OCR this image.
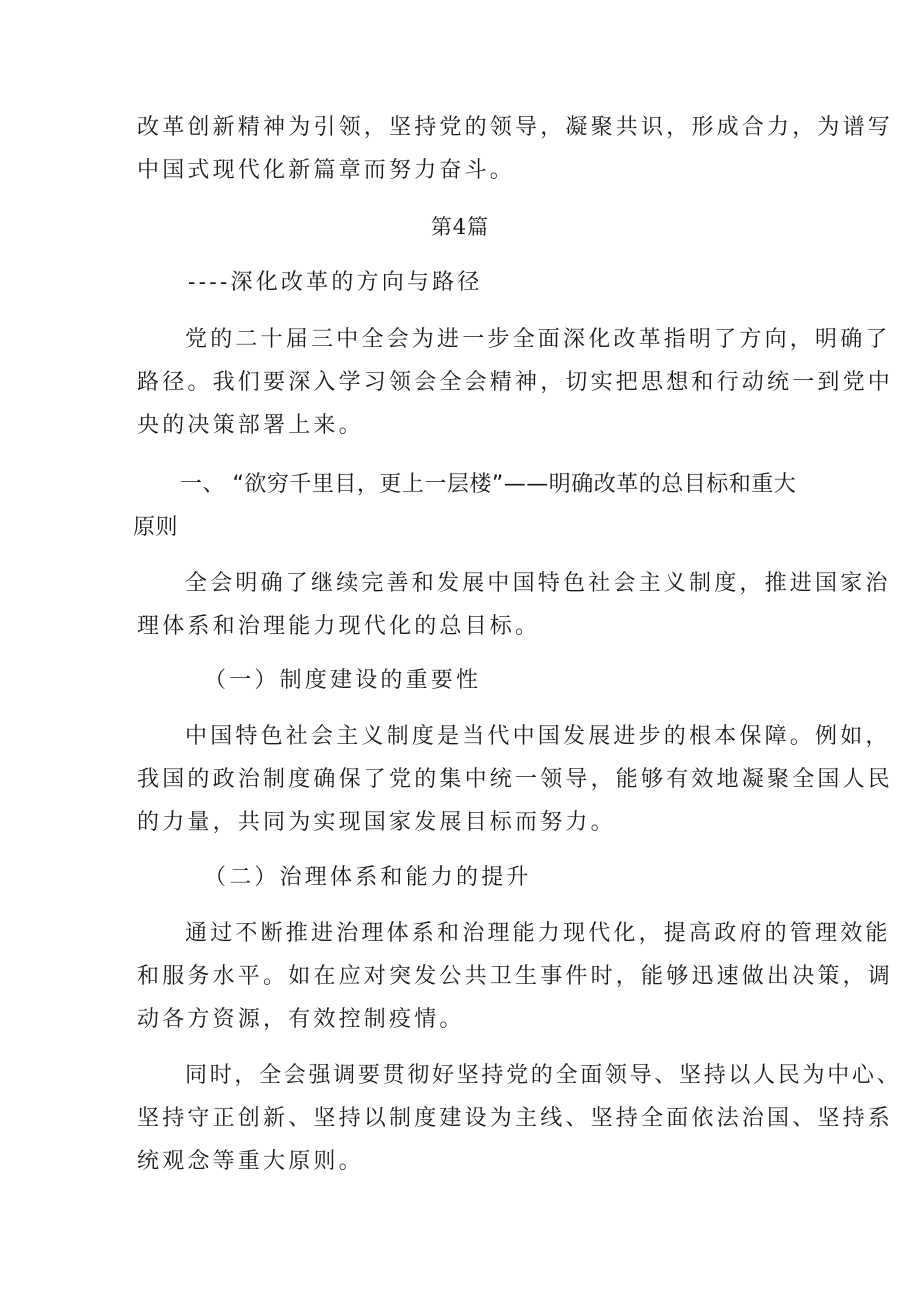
改革创新精神为引领，坚持党的领导，凝聚共识，形成合力，为谱写
中国式现代化新篇章而努力奋斗。
第4篇
----深化改革的方向与路径
党的二十届三中全会为进一步全面深化改革指明了方向，明确了
路径。我们要深入学习领会全会精神，切实把思想和行动统一到党中
央的决策部署上来。
一、 “欲穷千里目，更上一层楼”——明确改革的总目标和重大
原则
全会明确了继续完善和发展中国特色社会主义制度，推进国家治
理体系和治理能力现代化的总目标。
（一）制度建设的重要性
中国特色社会主义制度是当代中国发展进步的根本保障。例如，
我国的政治制度确保了党的集中统一领导，能够有效地凝聚全国人民
的力量，共同为实现国家发展目标而努力。
（二）治理体系和能力的提升
通过不断推进治理体系和治理能力现代化，提高政府的管理效能
和服务水平。如在应对突发公共卫生事件时，能够迅速做出决策，调
动各方资源，有效控制疫情。
同时，全会强调要贯彻好坚持党的全面领导、坚持以人民为中心、
坚持守正创新、坚持以制度建设为主线、坚持全面依法治国、坚持系
统观念等重大原则。
